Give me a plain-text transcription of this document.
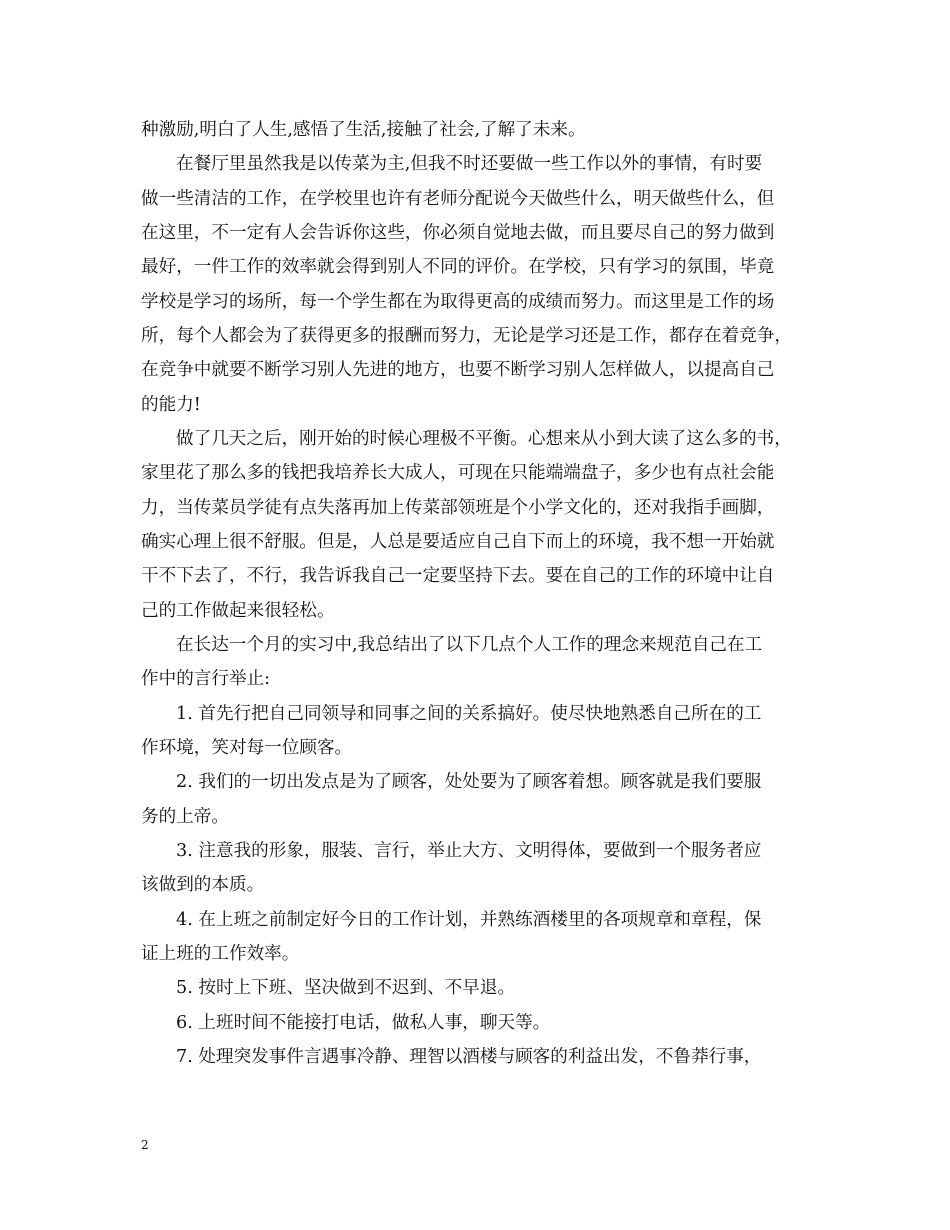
种激励,明白了人生,感悟了生活,接触了社会,了解了未来。
在餐厅里虽然我是以传菜为主,但我不时还要做一些工作以外的事情，有时要
做一些清洁的工作，在学校里也许有老师分配说今天做些什么，明天做些什么，但
在这里，不一定有人会告诉你这些，你必须自觉地去做，而且要尽自己的努力做到
最好，一件工作的效率就会得到别人不同的评价。在学校，只有学习的氛围，毕竟
学校是学习的场所，每一个学生都在为取得更高的成绩而努力。而这里是工作的场
所，每个人都会为了获得更多的报酬而努力，无论是学习还是工作，都存在着竞争，
在竞争中就要不断学习别人先进的地方，也要不断学习别人怎样做人，以提高自己
的能力!
做了几天之后，刚开始的时候心理极不平衡。心想来从小到大读了这么多的书，
家里花了那么多的钱把我培养长大成人，可现在只能端端盘子，多少也有点社会能
力，当传菜员学徒有点失落再加上传菜部领班是个小学文化的，还对我指手画脚，
确实心理上很不舒服。但是，人总是要适应自己自下而上的环境，我不想一开始就
干不下去了，不行，我告诉我自己一定要坚持下去。要在自己的工作的环境中让自
己的工作做起来很轻松。
在长达一个月的实习中,我总结出了以下几点个人工作的理念来规范自己在工
作中的言行举止:
1. 首先行把自己同领导和同事之间的关系搞好。使尽快地熟悉自己所在的工
作环境，笑对每一位顾客。
2. 我们的一切出发点是为了顾客，处处要为了顾客着想。顾客就是我们要服
务的上帝。
3. 注意我的形象，服装、言行，举止大方、文明得体，要做到一个服务者应
该做到的本质。
4. 在上班之前制定好今日的工作计划，并熟练酒楼里的各项规章和章程，保
证上班的工作效率。
5. 按时上下班、坚决做到不迟到、不早退。
6. 上班时间不能接打电话，做私人事，聊天等。
7. 处理突发事件言遇事冷静、理智以酒楼与顾客的利益出发，不鲁莽行事，
2
